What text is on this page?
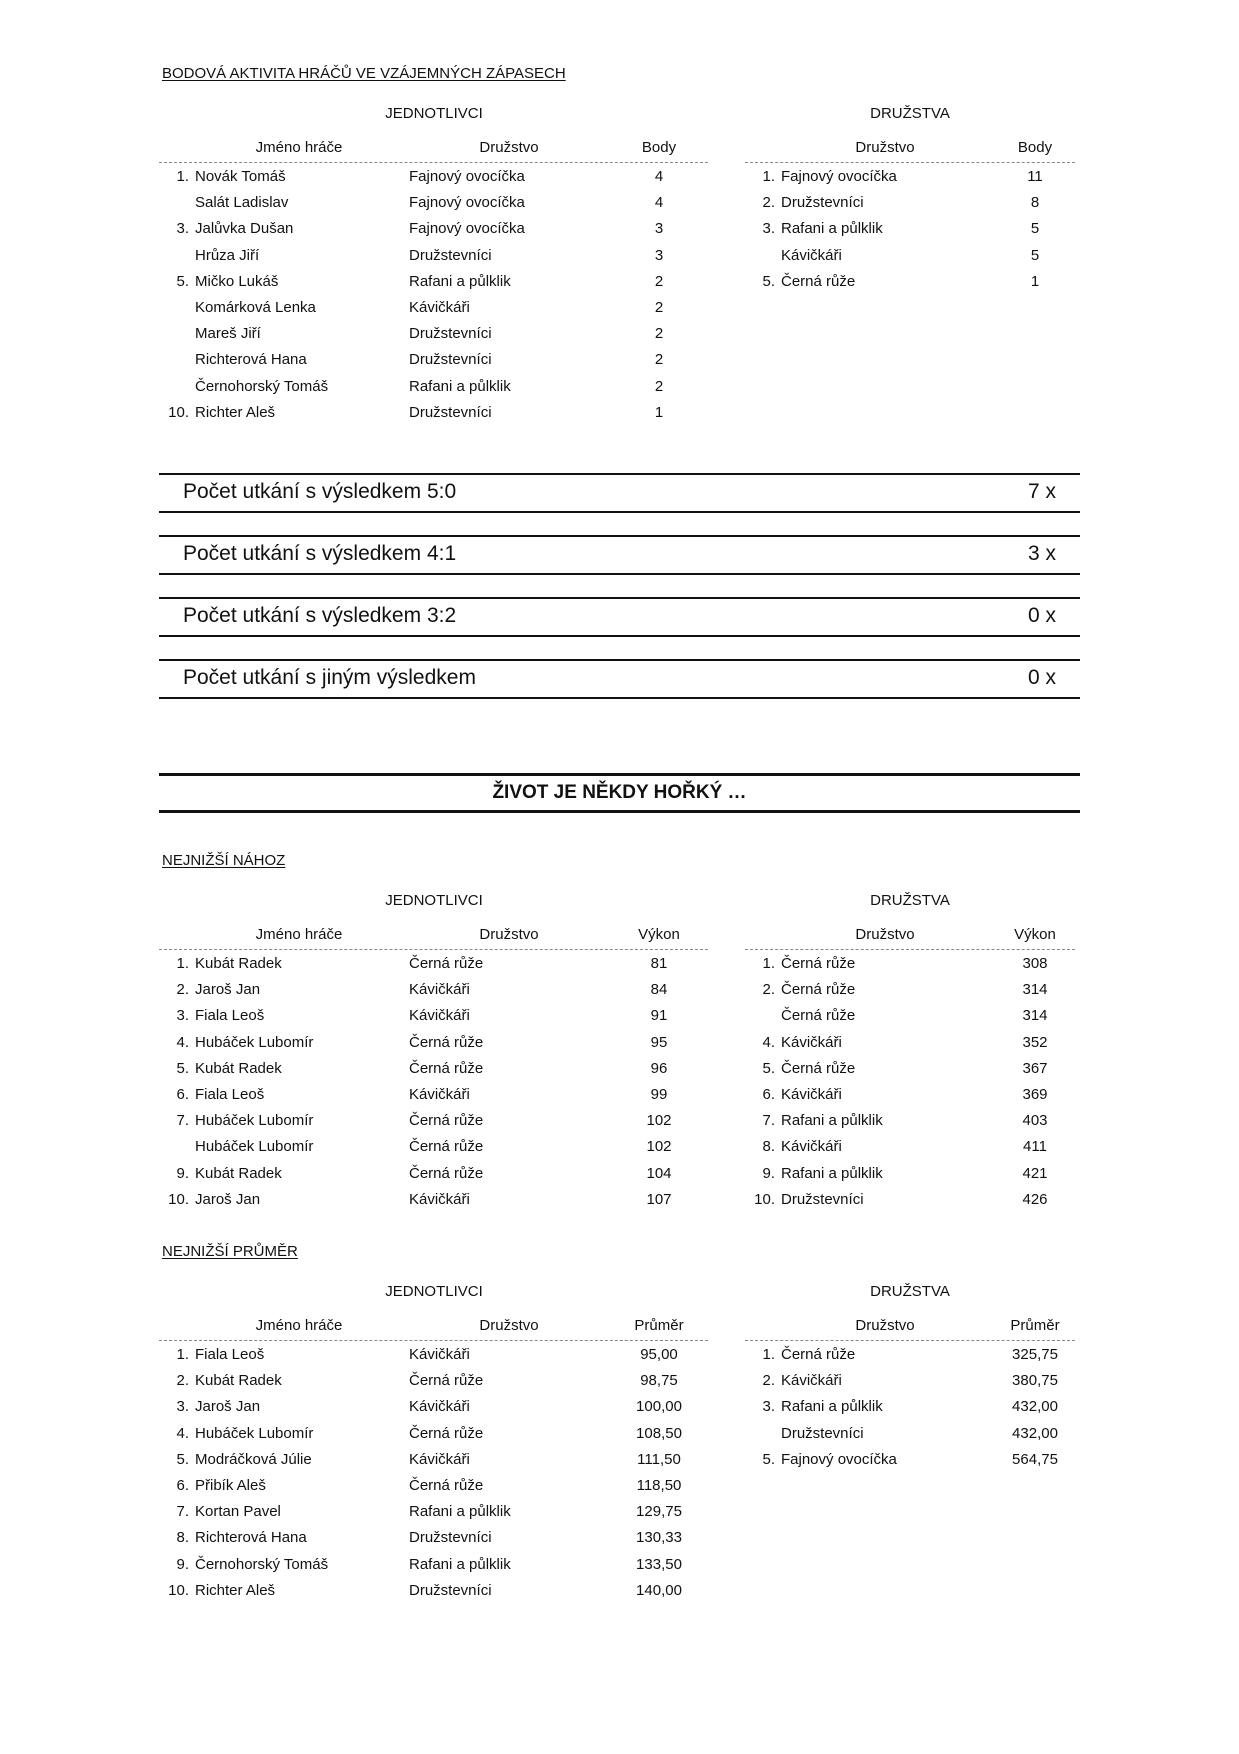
BODOVÁ AKTIVITA HRÁČŮ VE VZÁJEMNÝCH ZÁPASECH
JEDNOTLIVCI	DRUŽSTVA
Jméno hráče	Družstvo	Body
1. Novák Tomáš	Fajnový ovocíčka	4
Salát Ladislav	Fajnový ovocíčka	4
3. Jalůvka Dušan	Fajnový ovocíčka	3
Hrůza Jiří	Družstevníci	3
5. Mičko Lukáš	Rafani a půlklik	2
Komárková Lenka	Kávičkáři	2
Mareš Jiří	Družstevníci	2
Richterová Hana	Družstevníci	2
Černohorský Tomáš	Rafani a půlklik	2
10. Richter Aleš	Družstevníci	1
Družstvo	Body
1. Fajnový ovocíčka	11
2. Družstevníci	8
3. Rafani a půlklik	5
Kávičkáři	5
5. Černá růže	1
Počet utkání s výsledkem 5:0	7 x
Počet utkání s výsledkem 4:1	3 x
Počet utkání s výsledkem 3:2	0 x
Počet utkání s jiným výsledkem	0 x
ŽIVOT JE NĚKDY HOŘKÝ …
NEJNIŽŠÍ NÁHOZ
JEDNOTLIVCI	DRUŽSTVA
Jméno hráče	Družstvo	Výkon
1. Kubát Radek	Černá růže	81
2. Jaroš Jan	Kávičkáři	84
3. Fiala Leoš	Kávičkáři	91
4. Hubáček Lubomír	Černá růže	95
5. Kubát Radek	Černá růže	96
6. Fiala Leoš	Kávičkáři	99
7. Hubáček Lubomír	Černá růže	102
Hubáček Lubomír	Černá růže	102
9. Kubát Radek	Černá růže	104
10. Jaroš Jan	Kávičkáři	107
Družstvo	Výkon
1. Černá růže	308
2. Černá růže	314
Černá růže	314
4. Kávičkáři	352
5. Černá růže	367
6. Kávičkáři	369
7. Rafani a půlklik	403
8. Kávičkáři	411
9. Rafani a půlklik	421
10. Družstevníci	426
NEJNIŽŠÍ PRŮMĚR
JEDNOTLIVCI	DRUŽSTVA
Jméno hráče	Družstvo	Průměr
1. Fiala Leoš	Kávičkáři	95,00
2. Kubát Radek	Černá růže	98,75
3. Jaroš Jan	Kávičkáři	100,00
4. Hubáček Lubomír	Černá růže	108,50
5. Modráčková Júlie	Kávičkáři	111,50
6. Přibík Aleš	Černá růže	118,50
7. Kortan Pavel	Rafani a půlklik	129,75
8. Richterová Hana	Družstevníci	130,33
9. Černohorský Tomáš	Rafani a půlklik	133,50
10. Richter Aleš	Družstevníci	140,00
Družstvo	Průměr
1. Černá růže	325,75
2. Kávičkáři	380,75
3. Rafani a půlklik	432,00
Družstevníci	432,00
5. Fajnový ovocíčka	564,75
